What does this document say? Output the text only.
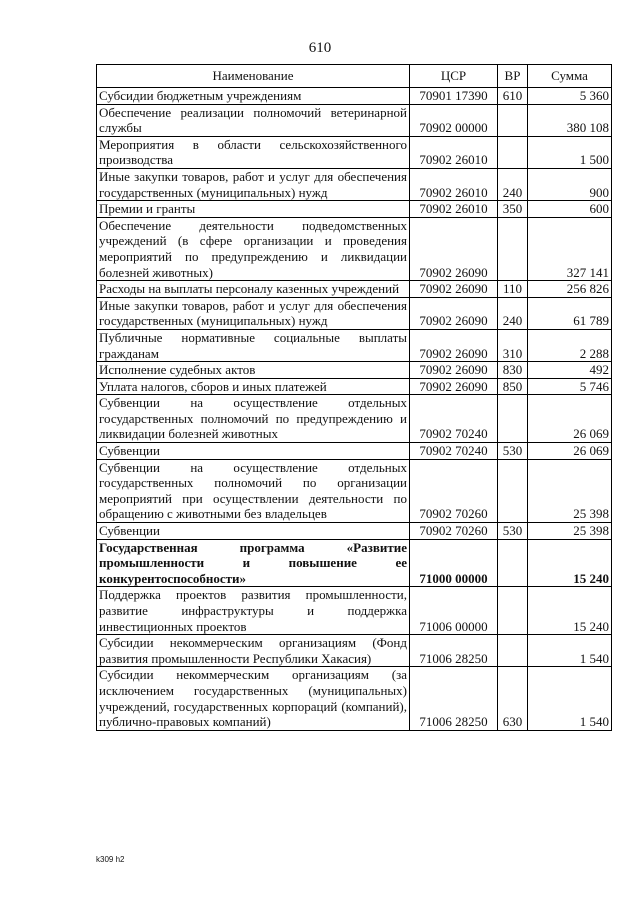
610
Наименование	ЦСР	ВР	Сумма
Субсидии бюджетным учреждениям	70901 17390	610	5 360
Обеспечение реализации полномочий ветеринарной службы	70902 00000		380 108
Мероприятия в области сельскохозяйственного производства	70902 26010		1 500
Иные закупки товаров, работ и услуг для обеспечения государственных (муниципальных) нужд	70902 26010	240	900
Премии и гранты	70902 26010	350	600
Обеспечение деятельности подведомственных учреждений (в сфере организации и проведения мероприятий по предупреждению и ликвидации болезней животных)	70902 26090		327 141
Расходы на выплаты персоналу казенных учреждений	70902 26090	110	256 826
Иные закупки товаров, работ и услуг для обеспечения государственных (муниципальных) нужд	70902 26090	240	61 789
Публичные нормативные социальные выплаты гражданам	70902 26090	310	2 288
Исполнение судебных актов	70902 26090	830	492
Уплата налогов, сборов и иных платежей	70902 26090	850	5 746
Субвенции на осуществление отдельных государственных полномочий по предупреждению и ликвидации болезней животных	70902 70240		26 069
Субвенции	70902 70240	530	26 069
Субвенции на осуществление отдельных государственных полномочий по организации мероприятий при осуществлении деятельности по обращению с животными без владельцев	70902 70260		25 398
Субвенции	70902 70260	530	25 398
Государственная программа «Развитие промышленности и повышение ее конкурентоспособности»	71000 00000		15 240
Поддержка проектов развития промышленности, развитие инфраструктуры и поддержка инвестиционных проектов	71006 00000		15 240
Субсидии некоммерческим организациям (Фонд развития промышленности Республики Хакасия)	71006 28250		1 540
Субсидии некоммерческим организациям (за исключением государственных (муниципальных) учреждений, государственных корпораций (компаний), публично-правовых компаний)	71006 28250	630	1 540
k309 h2
